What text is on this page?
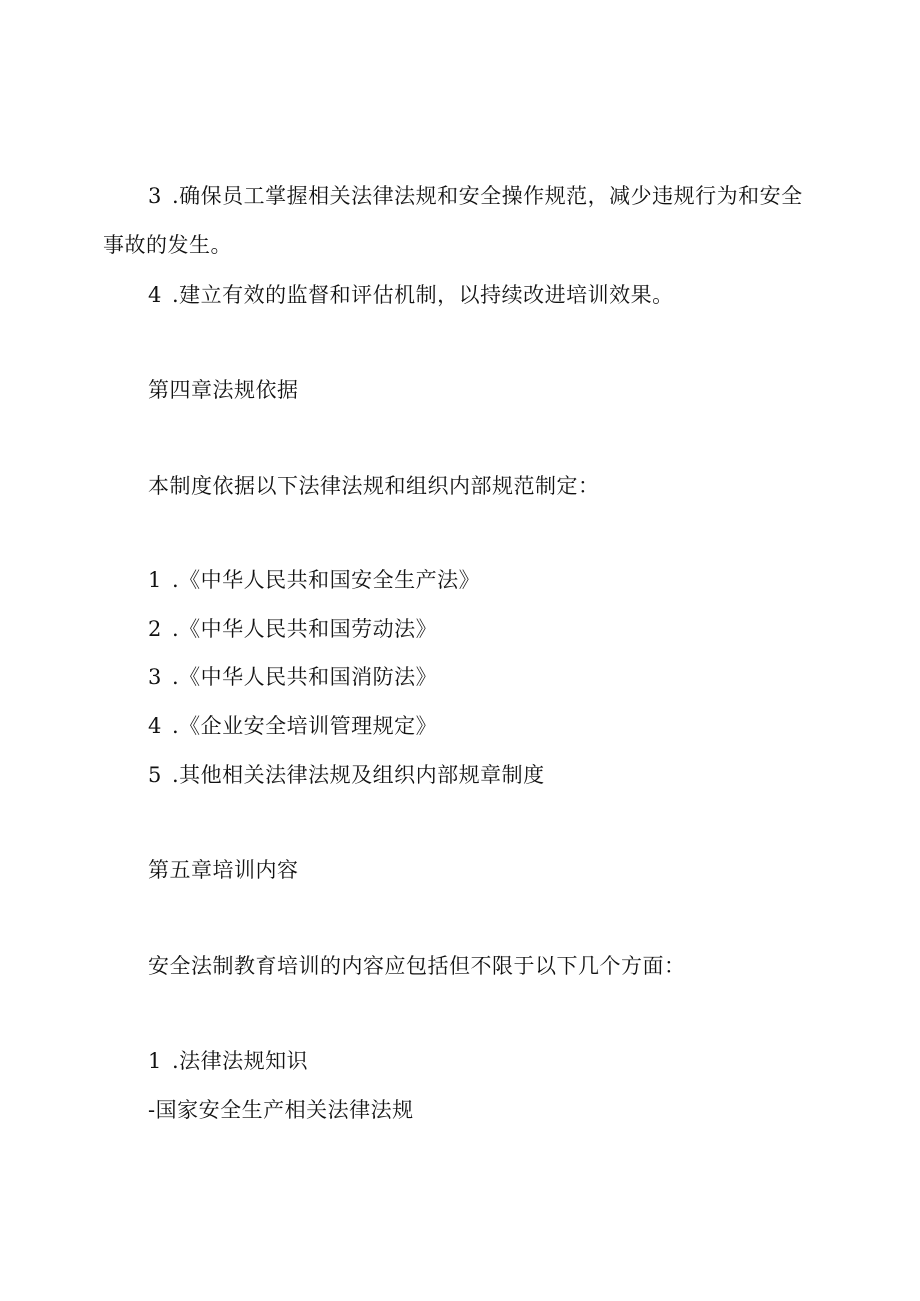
3 .确保员工掌握相关法律法规和安全操作规范，减少违规行为和安全
事故的发生。
4 .建立有效的监督和评估机制，以持续改进培训效果。
第四章法规依据
本制度依据以下法律法规和组织内部规范制定：
1 .《中华人民共和国安全生产法》
2 .《中华人民共和国劳动法》
3 .《中华人民共和国消防法》
4 .《企业安全培训管理规定》
5 .其他相关法律法规及组织内部规章制度
第五章培训内容
安全法制教育培训的内容应包括但不限于以下几个方面：
1 .法律法规知识
-国家安全生产相关法律法规
